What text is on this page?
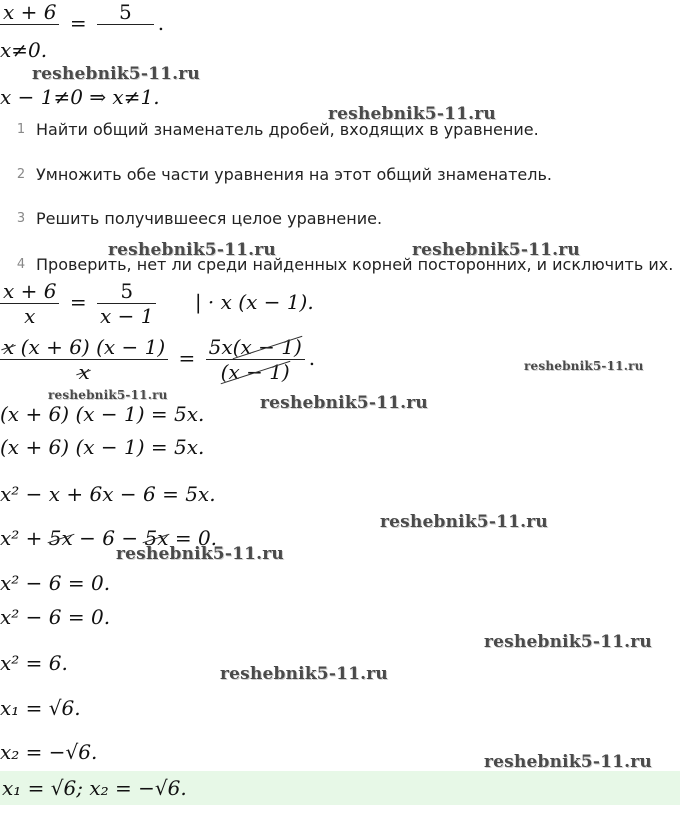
x + 6
=	5
	.
x≠0.
x − 1≠0 ⇒ x≠1.
1 Найти общий знаменатель дробей, входящих в уравнение.
2 Умножить обе части уравнения на этот общий знаменатель.
3 Решить получившееся целое уравнение.
4 Проверить, нет ли среди найденных корней посторонних, и исключить их.
$\frac{x + 6}{x} = \frac{5}{x - 1}$ | · x (x − 1).
$\frac{x (x + 6) (x - 1)}{x} = \frac{5x(x - 1)}{(x - 1)}$ .
(x + 6) (x − 1) = 5x.
(x + 6) (x − 1) = 5x.
x² − x + 6x − 6 = 5x.
x² + 5x − 6 − 5x = 0.
x² − 6 = 0.
x² − 6 = 0.
x² = 6.
x₁ = √6.
x₂ = −√6.
x₁ = √6; x₂ = −√6.
reshebnik5-11.ru
reshebnik5-11.ru
reshebnik5-11.ru	reshebnik5-11.ru
reshebnik5-11.ru
reshebnik5-11.ru
reshebnik5-11.ru
reshebnik5-11.ru
reshebnik5-11.ru
reshebnik5-11.ru
reshebnik5-11.ru
reshebnik5-11.ru
